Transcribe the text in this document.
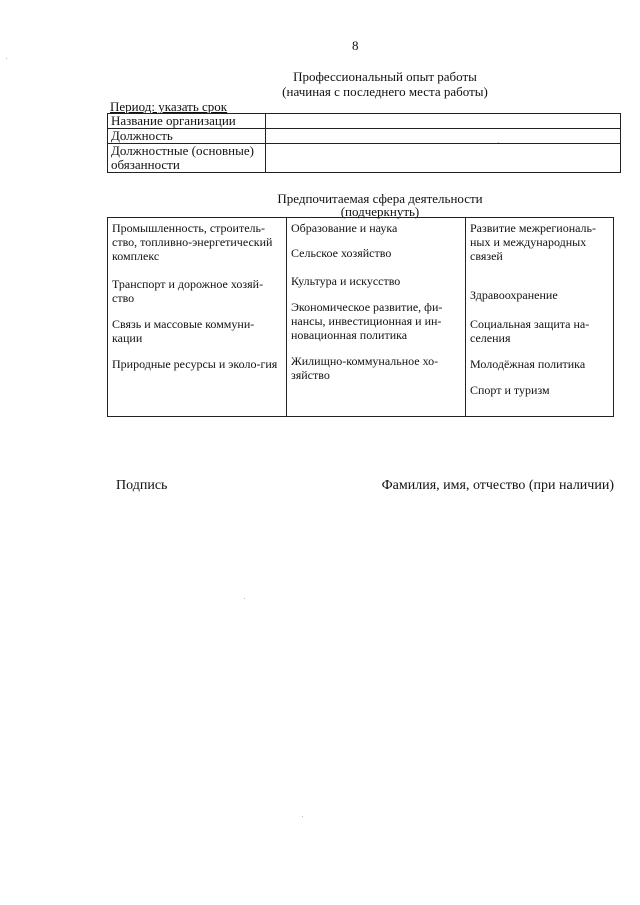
8
Профессиональный опыт работы
(начиная с последнего места работы)
Период: указать срок
Название организации	
Должность	
Должностные (основные) обязанности	
Предпочитаемая сфера деятельности
(подчеркнуть)
Промышленность, строитель-ство, топливно-энергетический комплекс
Транспорт и дорожное хозяй-ство
Связь и массовые коммуни-кации
Природные ресурсы и эколо-гия

Образование и наука
Сельское хозяйство
Культура и искусство
Экономическое развитие, фи-нансы, инвестиционная и ин-новационная политика
Жилищно-коммунальное хо-зяйство

Развитие межрегиональ-ных и международных связей
Здравоохранение
Социальная защита на-селения
Молодёжная политика
Спорт и туризм
Подпись	Фамилия, имя, отчество (при наличии)
